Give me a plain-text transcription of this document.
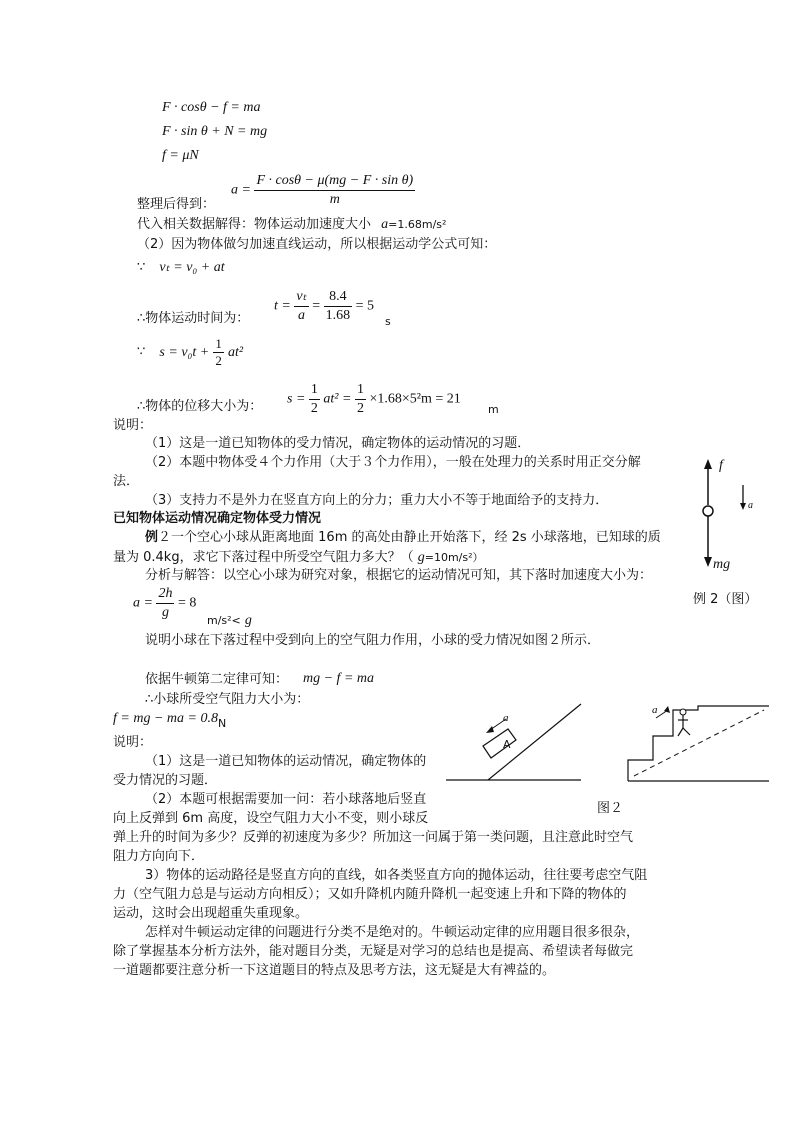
F · cosθ − f = ma
F · sin θ + N = mg
f = μN
整理后得到：
$a = \frac{\text{F · cosθ − μ(mg − F · sin θ)}}{m}$
代入相关数据解得：物体运动加速度大小 a=1.68m/s²
（2）因为物体做匀加速直线运动，所以根据运动学公式可知：
∵ vₜ = v₀ + at
∴物体运动时间为：
$t = \frac{\text{vₜ}}{a} = \frac{8.4}{1.68} = 5$
s
∵ $s = v_0t + \frac{1}{2} at^2$
∴物体的位移大小为：
$s = \frac{1}{2} at^2 = \frac{1}{2} \times 1.68\times 5^2m = 21$
m
说明：
（1）这是一道已知物体的受力情况，确定物体的运动情况的习题．
（2）本题中物体受４个力作用（大于３个力作用），一般在处理力的关系时用正交分解
法．
（3）支持力不是外力在竖直方向上的分力；重力大小不等于地面给予的支持力．
已知物体运动情况确定物体受力情况
例２一个空心小球从距离地面 16m 的高处由静止开始落下，经 2s 小球落地，已知球的质
量为 0.4kg，求它下落过程中所受空气阻力多大？（ g=10m/s²）
分析与解答：以空心小球为研究对象，根据它的运动情况可知，其下落时加速度大小为：
$a = \frac{2h}{g} = 8$
m/s²< g
说明小球在下落过程中受到向上的空气阻力作用，小球的受力情况如图２所示．
依据牛顿第二定律可知： mg − f = ma
∴小球所受空气阻力大小为：
f = mg − ma = $0.8_N$
说明：
（1）这是一道已知物体的运动情况，确定物体的
受力情况的习题．
（2）本题可根据需要加一问：若小球落地后竖直
向上反弹到 6m 高度，设空气阻力大小不变，则小球反
弹上升的时间为多少？反弹的初速度为多少？所加这一问属于第一类问题，且注意此时空气
阻力方向向下．
3）物体的运动路径是竖直方向的直线，如各类竖直方向的抛体运动，往往要考虑空气阻
力（空气阻力总是与运动方向相反）；又如升降机内随升降机一起变速上升和下降的物体的
运动，这时会出现超重失重现象。
怎样对牛顿运动定律的问题进行分类不是绝对的。牛顿运动定律的应用题目很多很杂，
除了掌握基本分析方法外，能对题目分类，无疑是对学习的总结也是提高、希望读者每做完
一道题都要注意分析一下这道题目的特点及思考方法，这无疑是大有裨益的。
f
a
mg
例 2（图）
A
a
a
图２
